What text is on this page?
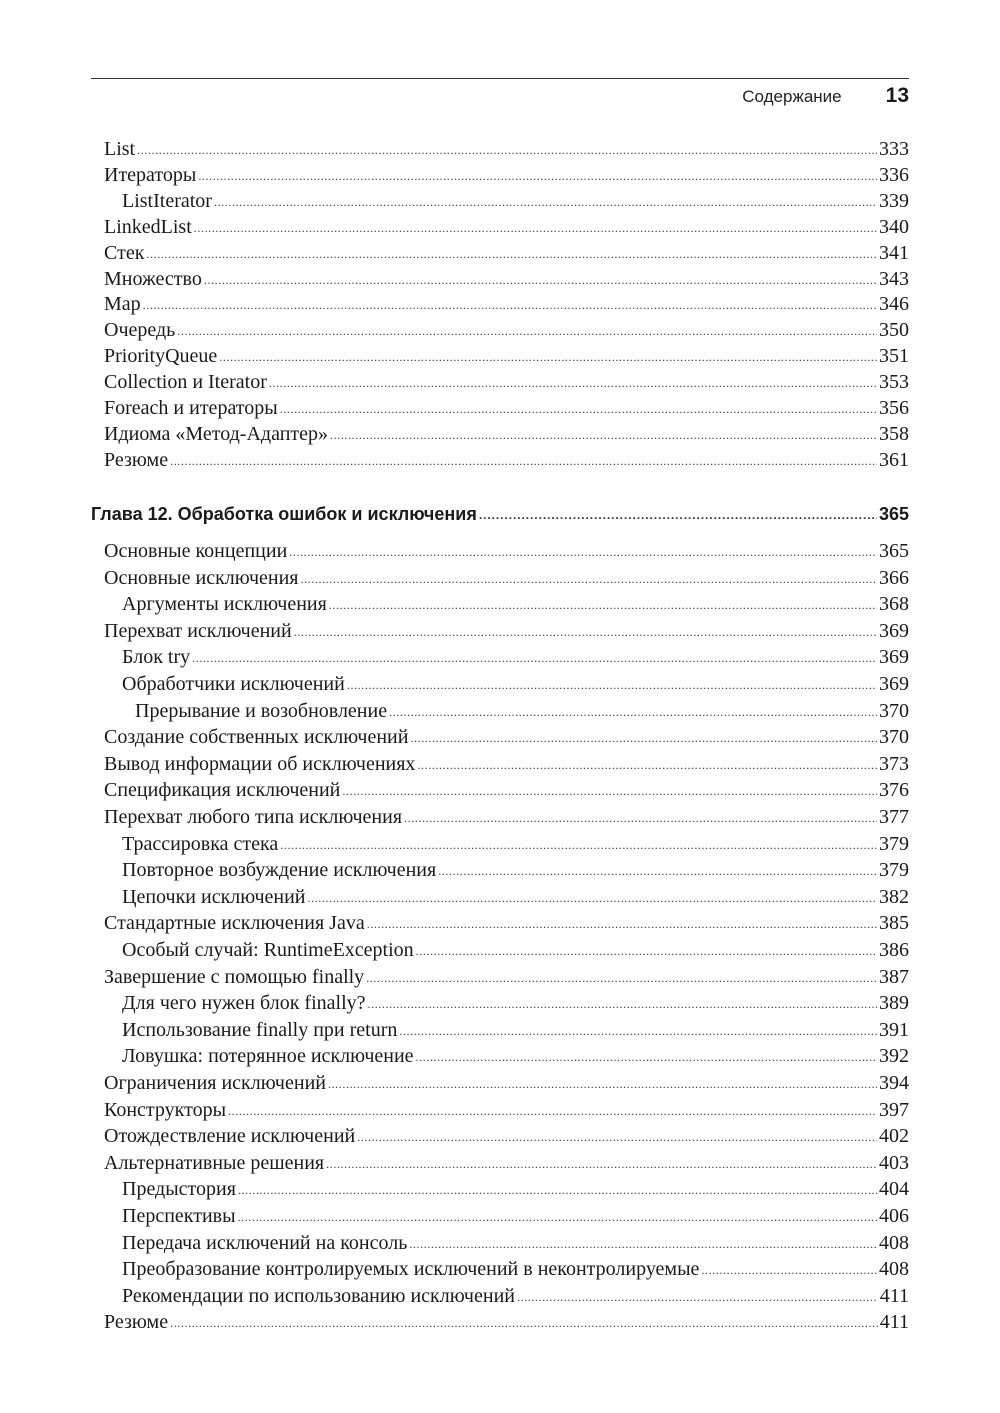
Содержание 13
List . . .	333
Итераторы . . .	336
ListIterator . . .	339
LinkedList . . .	340
Стек . . .	341
Множество . . .	343
Map . . .	346
Очередь . . .	350
PriorityQueue . . .	351
Collection и Iterator . . .	353
Foreach и итераторы . . .	356
Идиома «Метод-Адаптер» . . .	358
Резюме . . .	361
Глава 12. Обработка ошибок и исключения . . .	365
Основные концепции . . .	365
Основные исключения . . .	366
Аргументы исключения . . .	368
Перехват исключений . . .	369
Блок try . . .	369
Обработчики исключений . . .	369
Прерывание и возобновление . . .	370
Создание собственных исключений . . .	370
Вывод информации об исключениях . . .	373
Спецификация исключений . . .	376
Перехват любого типа исключения . . .	377
Трассировка стека . . .	379
Повторное возбуждение исключения . . .	379
Цепочки исключений . . .	382
Стандартные исключения Java . . .	385
Особый случай: RuntimeException . . .	386
Завершение с помощью finally . . .	387
Для чего нужен блок finally? . . .	389
Использование finally при return . . .	391
Ловушка: потерянное исключение . . .	392
Ограничения исключений . . .	394
Конструкторы . . .	397
Отождествление исключений . . .	402
Альтернативные решения . . .	403
Предыстория . . .	404
Перспективы . . .	406
Передача исключений на консоль . . .	408
Преобразование контролируемых исключений в неконтролируемые . . .	408
Рекомендации по использованию исключений . . .	411
Резюме . . .	411
